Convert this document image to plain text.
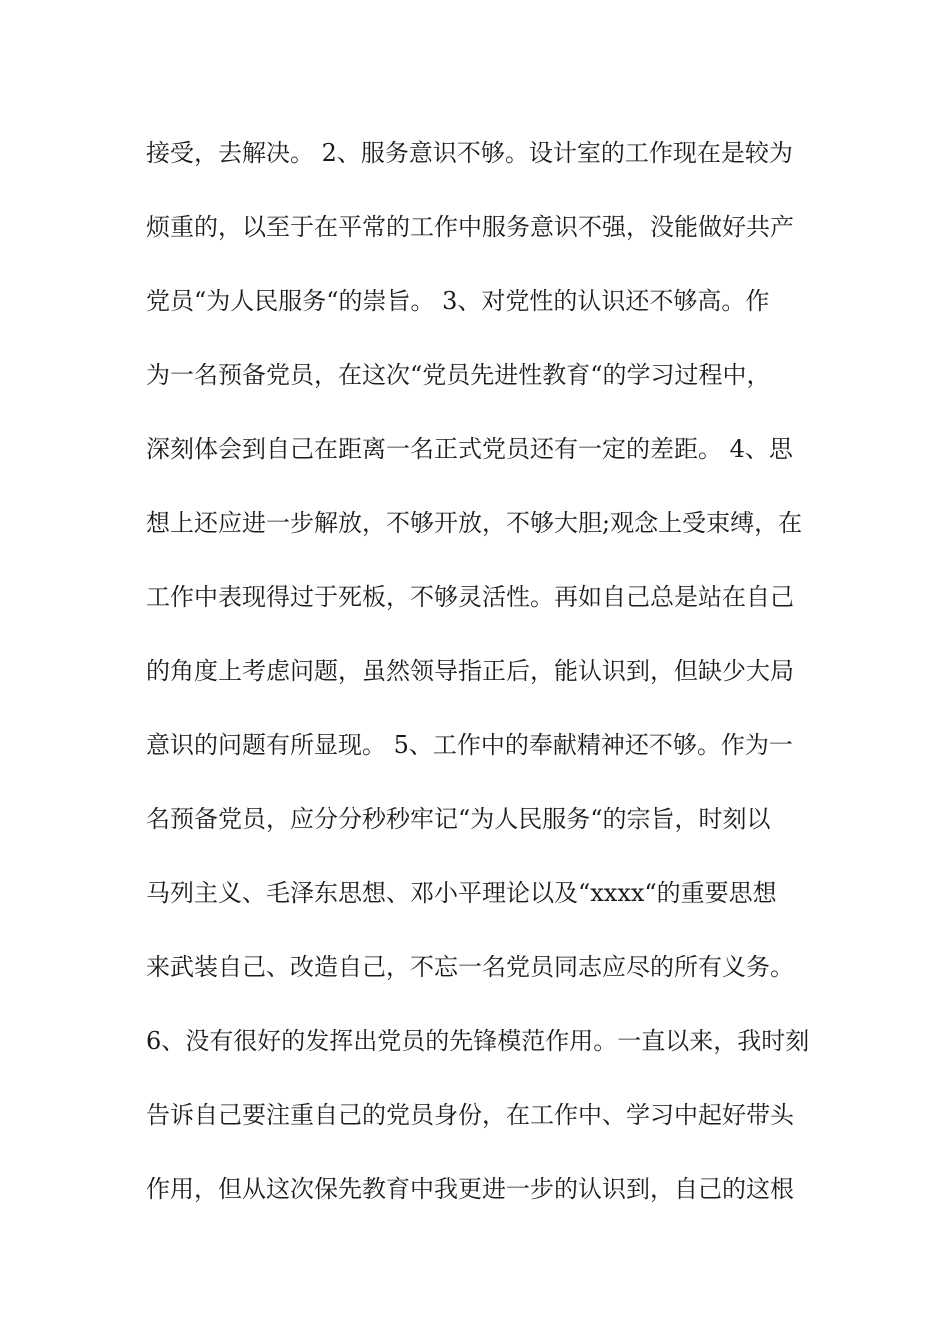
接受，去解决。 2、服务意识不够。设计室的工作现在是较为
烦重的，以至于在平常的工作中服务意识不强，没能做好共产
党员“为人民服务“的崇旨。 3、对党性的认识还不够高。作
为一名预备党员，在这次“党员先进性教育“的学习过程中，
深刻体会到自己在距离一名正式党员还有一定的差距。 4、思
想上还应进一步解放，不够开放，不够大胆;观念上受束缚，在
工作中表现得过于死板，不够灵活性。再如自己总是站在自己
的角度上考虑问题，虽然领导指正后，能认识到，但缺少大局
意识的问题有所显现。 5、工作中的奉献精神还不够。作为一
名预备党员，应分分秒秒牢记“为人民服务“的宗旨，时刻以
马列主义、毛泽东思想、邓小平理论以及“xxxx“的重要思想
来武装自己、改造自己，不忘一名党员同志应尽的所有义务。
6、没有很好的发挥出党员的先锋模范作用。一直以来，我时刻
告诉自己要注重自己的党员身份，在工作中、学习中起好带头
作用，但从这次保先教育中我更进一步的认识到，自己的这根
